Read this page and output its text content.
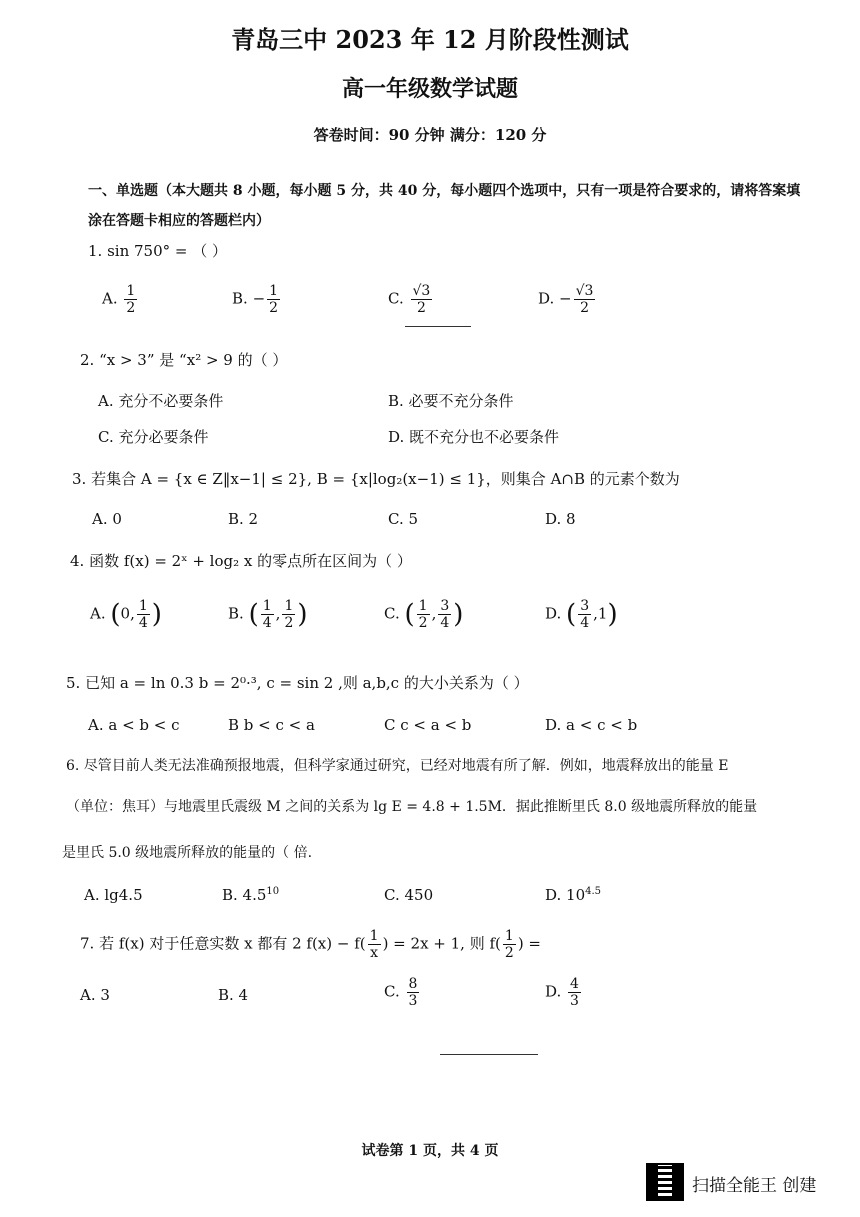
青岛三中 2023 年 12 月阶段性测试
高一年级数学试题
答卷时间：90 分钟 满分：120 分
一、单选题（本大题共 8 小题，每小题 5 分，共 40 分，每小题四个选项中，只有一项是符合要求的，请将答案填涂在答题卡相应的答题栏内）
1. sin 750° = （ ）
A. $\frac{1}{2}$	B. − $\frac{1}{2}$	C. $\frac{√3}{2}$	D. − $\frac{√3}{2}$
2. “x > 3” 是 “x² > 9 的（ ）
A. 充分不必要条件	B. 必要不充分条件
C. 充分必要条件	D. 既不充分也不必要条件
3. 若集合 A = {x ∈ Z‖x−1| ≤ 2}, B = {x|log₂(x−1) ≤ 1}，则集合 A∩B 的元素个数为
A. 0	B. 2	C. 5	D. 8
4. 函数 f(x) = 2ˣ + log₂ x 的零点所在区间为（ ）
A. (0, $\frac{1}{4}$ )	B. ( $\frac{1}{4}$ , $\frac{1}{2}$ )	C. ( $\frac{1}{2}$ , $\frac{3}{4}$ )	D. ( $\frac{3}{4} ,1$)
5. 已知 a = ln 0.3 b = 2⁰·³, c = sin 2 ,则 a,b,c 的大小关系为（ ）
A. a < b < c	B b < c < a	C c < a < b	D. a < c < b
6. 尽管目前人类无法准确预报地震，但科学家通过研究，已经对地震有所了解．例如，地震释放出的能量 E
（单位：焦耳）与地震里氏震级 M 之间的关系为 lg E = 4.8 + 1.5M．据此推断里氏 8.0 级地震所释放的能量
是里氏 5.0 级地震所释放的能量的（ 倍.
A. lg4.5	B. $4.5^{10}$	C. 450	D. $10^{4.5}$
7. 若 f(x) 对于任意实数 x 都有 2 $f(x) - f( \frac{1}{x}$ ) = 2x + 1, 则 $f( \frac{1}{2}$ ) =
A. 3	B. 4	C. $\frac{8}{3}$	D. $\frac{4}{3}$
试卷第 1 页，共 4 页
扫描全能王 创建
